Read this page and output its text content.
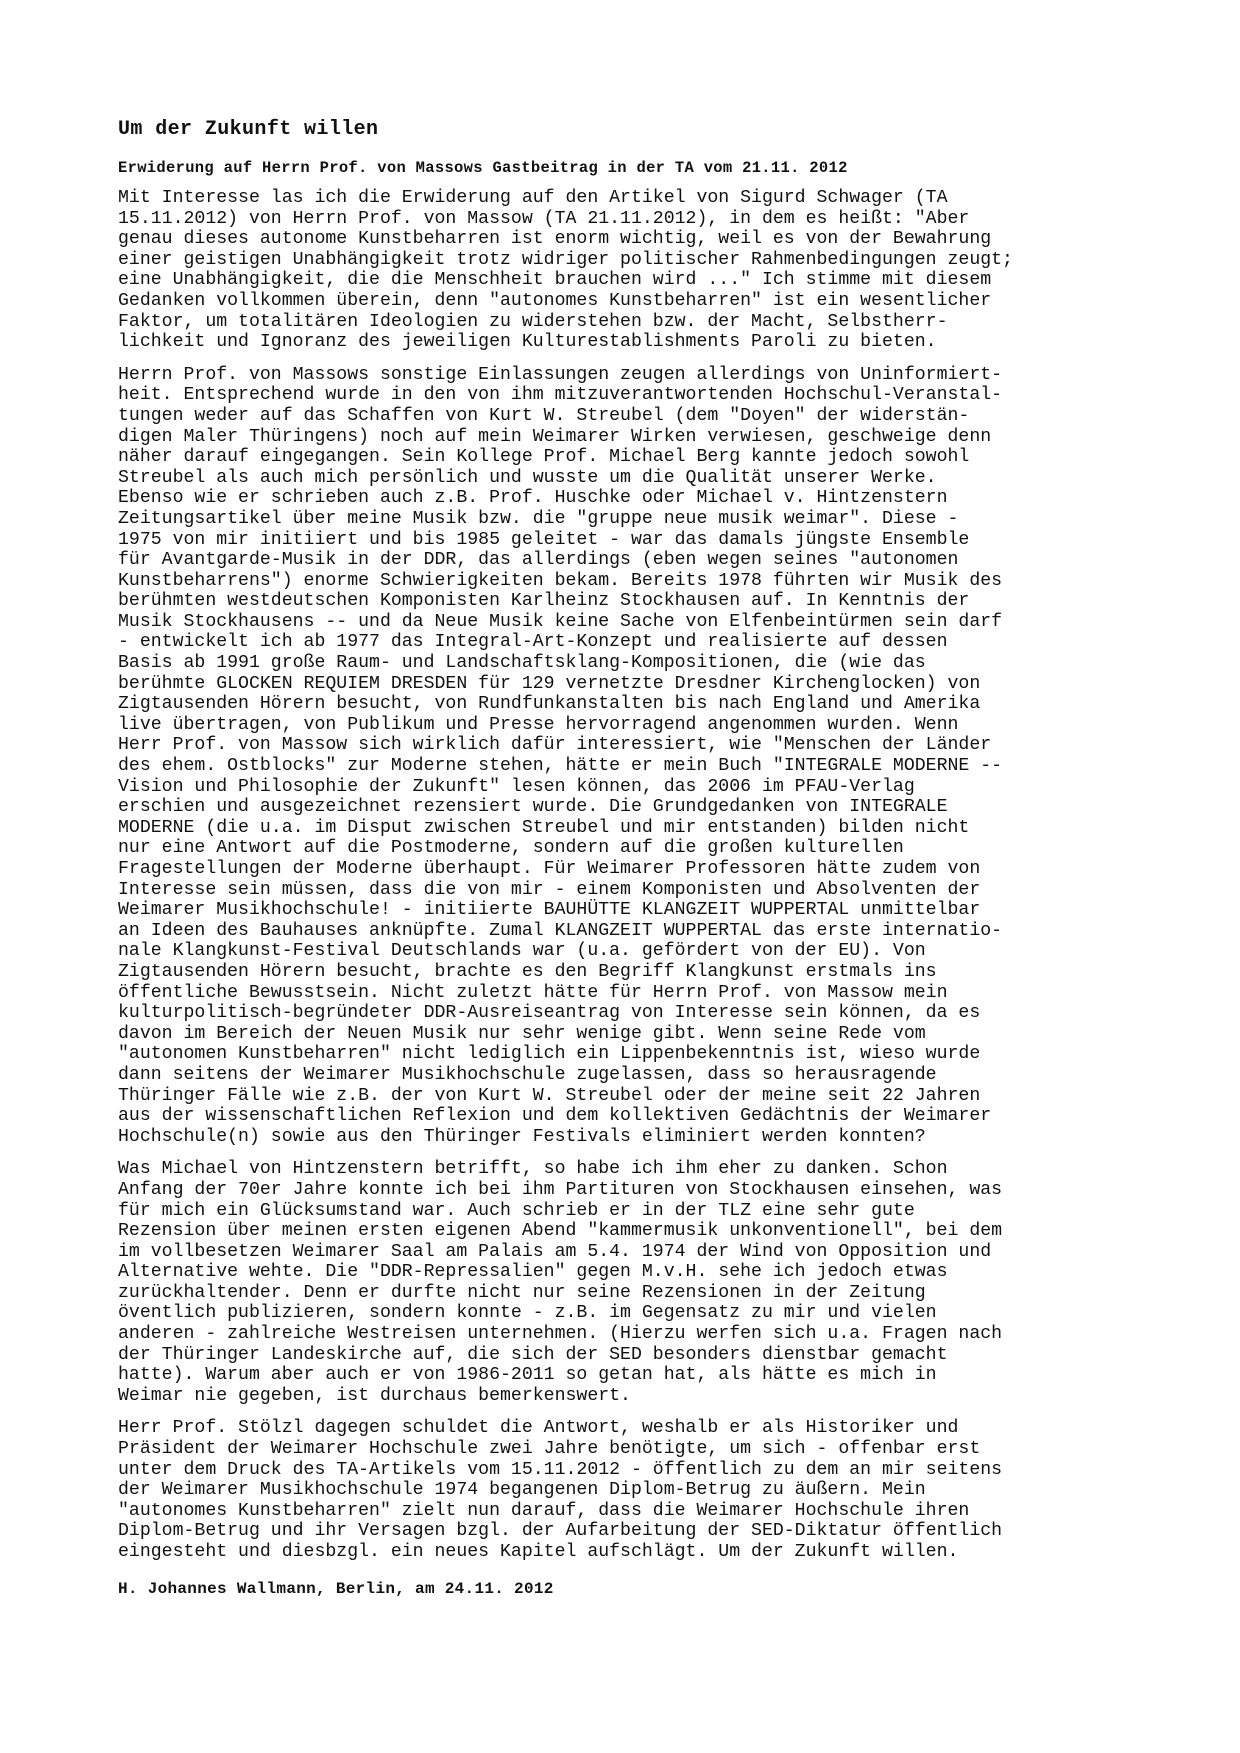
Um der Zukunft willen
Erwiderung auf Herrn Prof. von Massows Gastbeitrag in der TA vom 21.11. 2012
Mit Interesse las ich die Erwiderung auf den Artikel von Sigurd Schwager (TA
15.11.2012) von Herrn Prof. von Massow (TA 21.11.2012), in dem es heißt: "Aber
genau dieses autonome Kunstbeharren ist enorm wichtig, weil es von der Bewahrung
einer geistigen Unabhängigkeit trotz widriger politischer Rahmenbedingungen zeugt;
eine Unabhängigkeit, die die Menschheit brauchen wird ..." Ich stimme mit diesem
Gedanken vollkommen überein, denn "autonomes Kunstbeharren" ist ein wesentlicher
Faktor, um totalitären Ideologien zu widerstehen bzw. der Macht, Selbstherr-
lichkeit und Ignoranz des jeweiligen Kulturestablishments Paroli zu bieten.
Herrn Prof. von Massows sonstige Einlassungen zeugen allerdings von Uninformiert-
heit. Entsprechend wurde in den von ihm mitzuverantwortenden Hochschul-Veranstal-
tungen weder auf das Schaffen von Kurt W. Streubel (dem "Doyen" der widerstän-
digen Maler Thüringens) noch auf mein Weimarer Wirken verwiesen, geschweige denn
näher darauf eingegangen. Sein Kollege Prof. Michael Berg kannte jedoch sowohl
Streubel als auch mich persönlich und wusste um die Qualität unserer Werke.
Ebenso wie er schrieben auch z.B. Prof. Huschke oder Michael v. Hintzenstern
Zeitungsartikel über meine Musik bzw. die "gruppe neue musik weimar". Diese -
1975 von mir initiiert und bis 1985 geleitet - war das damals jüngste Ensemble
für Avantgarde-Musik in der DDR, das allerdings (eben wegen seines "autonomen
Kunstbeharrens") enorme Schwierigkeiten bekam. Bereits 1978 führten wir Musik des
berühmten westdeutschen Komponisten Karlheinz Stockhausen auf. In Kenntnis der
Musik Stockhausens -- und da Neue Musik keine Sache von Elfenbeintürmen sein darf
- entwickelt ich ab 1977 das Integral-Art-Konzept und realisierte auf dessen
Basis ab 1991 große Raum- und Landschaftsklang-Kompositionen, die (wie das
berühmte GLOCKEN REQUIEM DRESDEN für 129 vernetzte Dresdner Kirchenglocken) von
Zigtausenden Hörern besucht, von Rundfunkanstalten bis nach England und Amerika
live übertragen, von Publikum und Presse hervorragend angenommen wurden. Wenn
Herr Prof. von Massow sich wirklich dafür interessiert, wie "Menschen der Länder
des ehem. Ostblocks" zur Moderne stehen, hätte er mein Buch "INTEGRALE MODERNE --
Vision und Philosophie der Zukunft" lesen können, das 2006 im PFAU-Verlag
erschien und ausgezeichnet rezensiert wurde. Die Grundgedanken von INTEGRALE
MODERNE (die u.a. im Disput zwischen Streubel und mir entstanden) bilden nicht
nur eine Antwort auf die Postmoderne, sondern auf die großen kulturellen
Fragestellungen der Moderne überhaupt. Für Weimarer Professoren hätte zudem von
Interesse sein müssen, dass die von mir - einem Komponisten und Absolventen der
Weimarer Musikhochschule! - initiierte BAUHÜTTE KLANGZEIT WUPPERTAL unmittelbar
an Ideen des Bauhauses anknüpfte. Zumal KLANGZEIT WUPPERTAL das erste internatio-
nale Klangkunst-Festival Deutschlands war (u.a. gefördert von der EU). Von
Zigtausenden Hörern besucht, brachte es den Begriff Klangkunst erstmals ins
öffentliche Bewusstsein. Nicht zuletzt hätte für Herrn Prof. von Massow mein
kulturpolitisch-begründeter DDR-Ausreiseantrag von Interesse sein können, da es
davon im Bereich der Neuen Musik nur sehr wenige gibt. Wenn seine Rede vom
"autonomen Kunstbeharren" nicht lediglich ein Lippenbekenntnis ist, wieso wurde
dann seitens der Weimarer Musikhochschule zugelassen, dass so herausragende
Thüringer Fälle wie z.B. der von Kurt W. Streubel oder der meine seit 22 Jahren
aus der wissenschaftlichen Reflexion und dem kollektiven Gedächtnis der Weimarer
Hochschule(n) sowie aus den Thüringer Festivals eliminiert werden konnten?
Was Michael von Hintzenstern betrifft, so habe ich ihm eher zu danken. Schon
Anfang der 70er Jahre konnte ich bei ihm Partituren von Stockhausen einsehen, was
für mich ein Glücksumstand war. Auch schrieb er in der TLZ eine sehr gute
Rezension über meinen ersten eigenen Abend "kammermusik unkonventionell", bei dem
im vollbesetzen Weimarer Saal am Palais am 5.4. 1974 der Wind von Opposition und
Alternative wehte. Die "DDR-Repressalien" gegen M.v.H. sehe ich jedoch etwas
zurückhaltender. Denn er durfte nicht nur seine Rezensionen in der Zeitung
öventlich publizieren, sondern konnte - z.B. im Gegensatz zu mir und vielen
anderen - zahlreiche Westreisen unternehmen. (Hierzu werfen sich u.a. Fragen nach
der Thüringer Landeskirche auf, die sich der SED besonders dienstbar gemacht
hatte). Warum aber auch er von 1986-2011 so getan hat, als hätte es mich in
Weimar nie gegeben, ist durchaus bemerkenswert.
Herr Prof. Stölzl dagegen schuldet die Antwort, weshalb er als Historiker und
Präsident der Weimarer Hochschule zwei Jahre benötigte, um sich - offenbar erst
unter dem Druck des TA-Artikels vom 15.11.2012 - öffentlich zu dem an mir seitens
der Weimarer Musikhochschule 1974 begangenen Diplom-Betrug zu äußern. Mein
"autonomes Kunstbeharren" zielt nun darauf, dass die Weimarer Hochschule ihren
Diplom-Betrug und ihr Versagen bzgl. der Aufarbeitung der SED-Diktatur öffentlich
eingesteht und diesbzgl. ein neues Kapitel aufschlägt. Um der Zukunft willen.
H. Johannes Wallmann, Berlin, am 24.11. 2012
